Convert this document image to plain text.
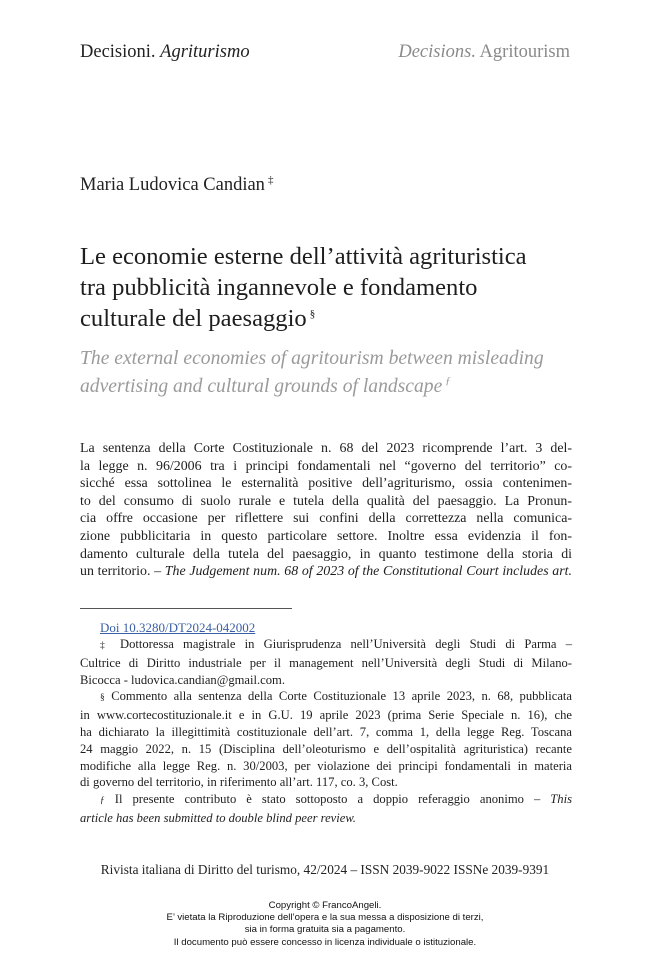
Decisioni. Agriturismo	Decisions. Agritourism
Maria Ludovica Candian ‡
Le economie esterne dell’attività agrituristica
tra pubblicità ingannevole e fondamento
culturale del paesaggio §
The external economies of agritourism between misleading
advertising and cultural grounds of landscape $^ƒ$
La sentenza della Corte Costituzionale n. 68 del 2023 ricomprende l’art. 3 del-
la legge n. 96/2006 tra i principi fondamentali nel “governo del territorio” co-
sicché essa sottolinea le esternalità positive dell’agriturismo, ossia contenimen-
to del consumo di suolo rurale e tutela della qualità del paesaggio. La Pronun-
cia offre occasione per riflettere sui confini della correttezza nella comunica-
zione pubblicitaria in questo particolare settore. Inoltre essa evidenzia il fon-
damento culturale della tutela del paesaggio, in quanto testimone della storia di
un territorio. – The Judgement num. 68 of 2023 of the Constitutional Court includes art.
Doi 10.3280/DT2024-042002
‡ Dottoressa magistrale in Giurisprudenza nell’Università degli Studi di Parma –
Cultrice di Diritto industriale per il management nell’Università degli Studi di Milano-
Bicocca - ludovica.candian@gmail.com.
§ Commento alla sentenza della Corte Costituzionale 13 aprile 2023, n. 68, pubblicata
in www.cortecostituzionale.it e in G.U. 19 aprile 2023 (prima Serie Speciale n. 16), che
ha dichiarato la illegittimità costituzionale dell’art. 7, comma 1, della legge Reg. Toscana
24 maggio 2022, n. 15 (Disciplina dell’oleoturismo e dell’ospitalità agrituristica) recante
modifiche alla legge Reg. n. 30/2003, per violazione dei principi fondamentali in materia
di governo del territorio, in riferimento all’art. 117, co. 3, Cost.
ƒ Il presente contributo è stato sottoposto a doppio referaggio anonimo – This
article has been submitted to double blind peer review.
Rivista italiana di Diritto del turismo, 42/2024 – ISSN 2039-9022 ISSNe 2039-9391
Copyright © FrancoAngeli.
E’ vietata la Riproduzione dell’opera e la sua messa a disposizione di terzi,
sia in forma gratuita sia a pagamento.
Il documento può essere concesso in licenza individuale o istituzionale.
